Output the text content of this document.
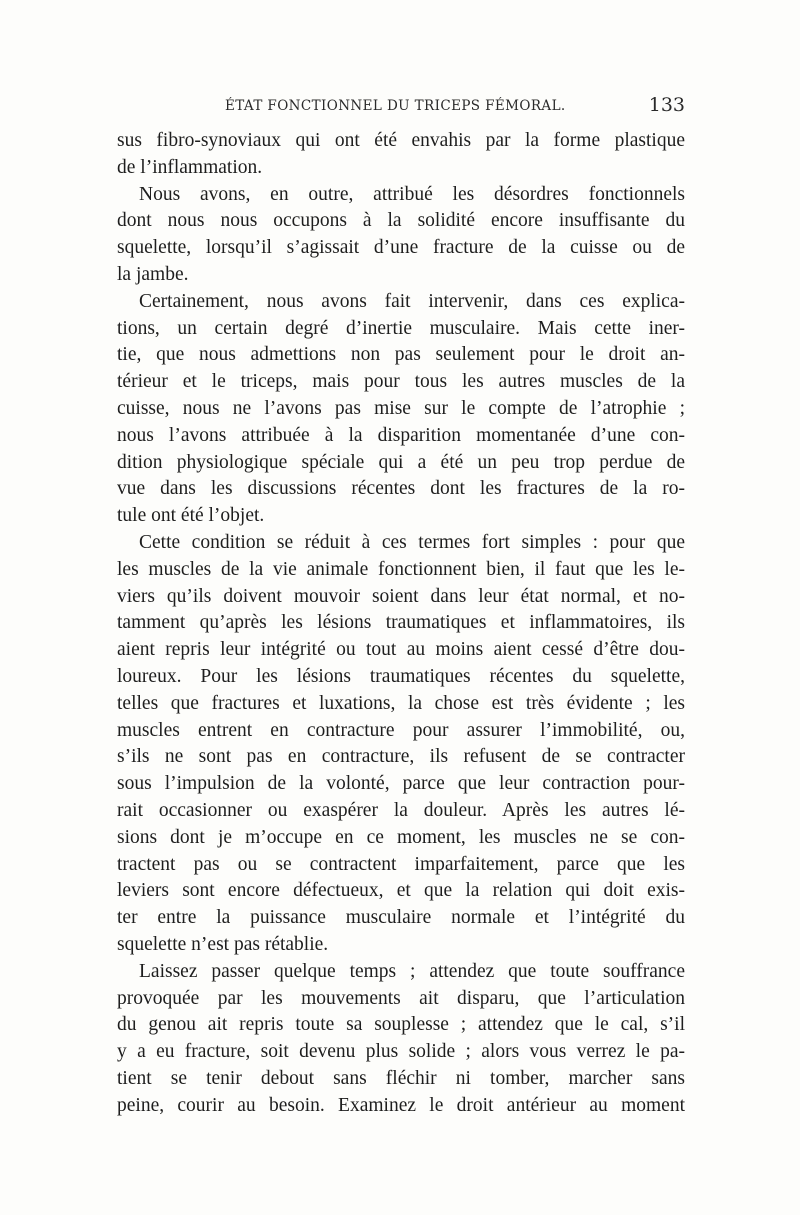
ÉTAT FONCTIONNEL DU TRICEPS FÉMORAL.	133
sus fibro-synoviaux qui ont été envahis par la forme plastique
de l’inflammation.
Nous avons, en outre, attribué les désordres fonctionnels
dont nous nous occupons à la solidité encore insuffisante du
squelette, lorsqu’il s’agissait d’une fracture de la cuisse ou de
la jambe.
Certainement, nous avons fait intervenir, dans ces explica-
tions, un certain degré d’inertie musculaire. Mais cette iner-
tie, que nous admettions non pas seulement pour le droit an-
térieur et le triceps, mais pour tous les autres muscles de la
cuisse, nous ne l’avons pas mise sur le compte de l’atrophie ;
nous l’avons attribuée à la disparition momentanée d’une con-
dition physiologique spéciale qui a été un peu trop perdue de
vue dans les discussions récentes dont les fractures de la ro-
tule ont été l’objet.
Cette condition se réduit à ces termes fort simples : pour que
les muscles de la vie animale fonctionnent bien, il faut que les le-
viers qu’ils doivent mouvoir soient dans leur état normal, et no-
tamment qu’après les lésions traumatiques et inflammatoires, ils
aient repris leur intégrité ou tout au moins aient cessé d’être dou-
loureux. Pour les lésions traumatiques récentes du squelette,
telles que fractures et luxations, la chose est très évidente ; les
muscles entrent en contracture pour assurer l’immobilité, ou,
s’ils ne sont pas en contracture, ils refusent de se contracter
sous l’impulsion de la volonté, parce que leur contraction pour-
rait occasionner ou exaspérer la douleur. Après les autres lé-
sions dont je m’occupe en ce moment, les muscles ne se con-
tractent pas ou se contractent imparfaitement, parce que les
leviers sont encore défectueux, et que la relation qui doit exis-
ter entre la puissance musculaire normale et l’intégrité du
squelette n’est pas rétablie.
Laissez passer quelque temps ; attendez que toute souffrance
provoquée par les mouvements ait disparu, que l’articulation
du genou ait repris toute sa souplesse ; attendez que le cal, s’il
y a eu fracture, soit devenu plus solide ; alors vous verrez le pa-
tient se tenir debout sans fléchir ni tomber, marcher sans
peine, courir au besoin. Examinez le droit antérieur au moment
